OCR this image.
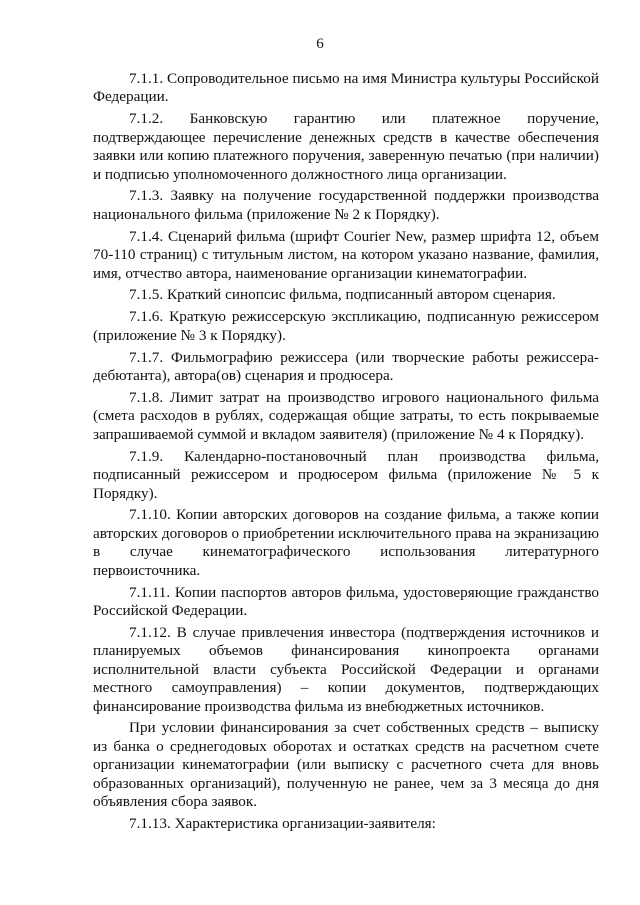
6

7.1.1. Сопроводительное письмо на имя Министра культуры Российской Федерации.

7.1.2. Банковскую гарантию или платежное поручение, подтверждающее перечисление денежных средств в качестве обеспечения заявки или копию платежного поручения, заверенную печатью (при наличии) и подписью уполномоченного должностного лица организации.

7.1.3. Заявку на получение государственной поддержки производства национального фильма (приложение № 2 к Порядку).

7.1.4. Сценарий фильма (шрифт Courier New, размер шрифта 12, объем 70-110 страниц) с титульным листом, на котором указано название, фамилия, имя, отчество автора, наименование организации кинематографии.

7.1.5. Краткий синопсис фильма, подписанный автором сценария.

7.1.6. Краткую режиссерскую экспликацию, подписанную режиссером (приложение № 3 к Порядку).

7.1.7. Фильмографию режиссера (или творческие работы режиссера-дебютанта), автора(ов) сценария и продюсера.

7.1.8. Лимит затрат на производство игрового национального фильма (смета расходов в рублях, содержащая общие затраты, то есть покрываемые запрашиваемой суммой и вкладом заявителя) (приложение № 4 к Порядку).

7.1.9. Календарно-постановочный план производства фильма, подписанный режиссером и продюсером фильма (приложение № 5 к Порядку).

7.1.10. Копии авторских договоров на создание фильма, а также копии авторских договоров о приобретении исключительного права на экранизацию в случае кинематографического использования литературного первоисточника.

7.1.11. Копии паспортов авторов фильма, удостоверяющие гражданство Российской Федерации.

7.1.12. В случае привлечения инвестора (подтверждения источников и планируемых объемов финансирования кинопроекта органами исполнительной власти субъекта Российской Федерации и органами местного самоуправления) – копии документов, подтверждающих финансирование производства фильма из внебюджетных источников.

При условии финансирования за счет собственных средств – выписку из банка о среднегодовых оборотах и остатках средств на расчетном счете организации кинематографии (или выписку с расчетного счета для вновь образованных организаций), полученную не ранее, чем за 3 месяца до дня объявления сбора заявок.

7.1.13. Характеристика организации-заявителя:
